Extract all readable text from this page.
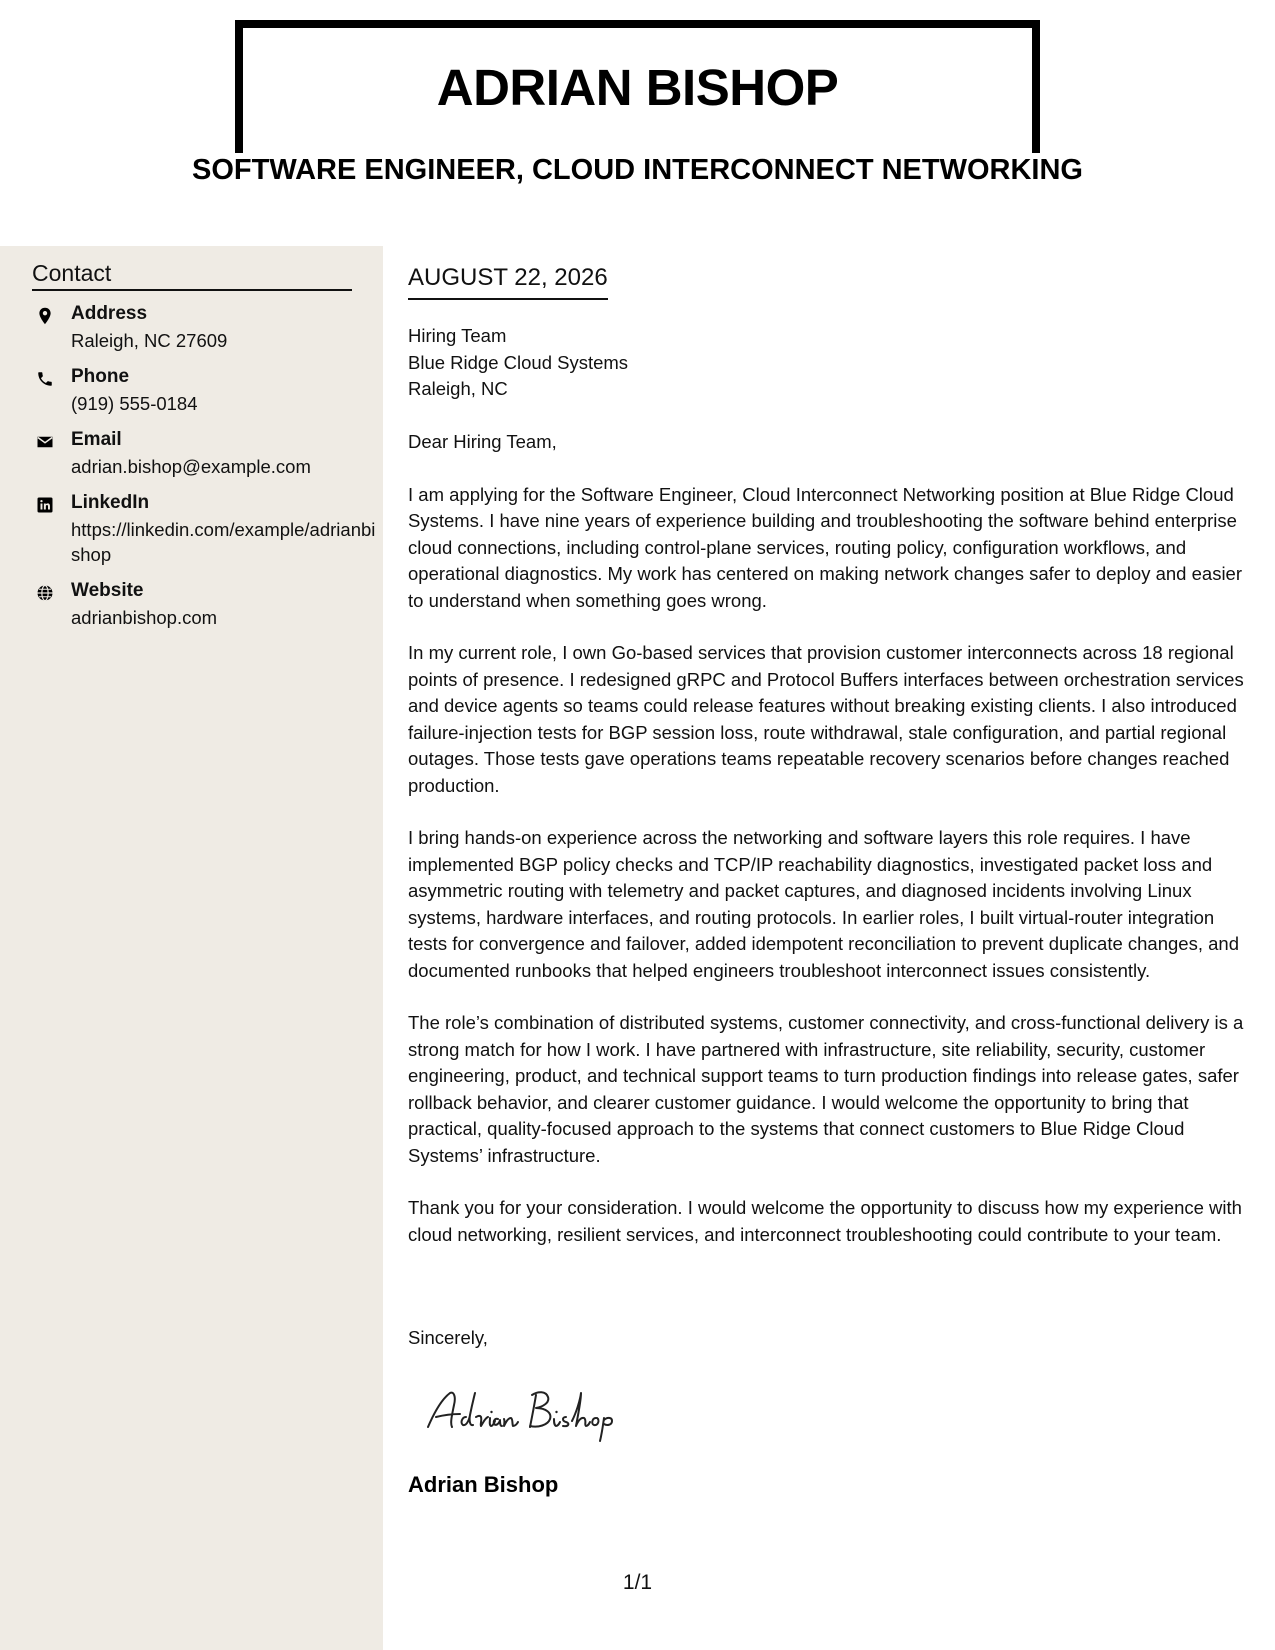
ADRIAN BISHOP
SOFTWARE ENGINEER, CLOUD INTERCONNECT NETWORKING
Contact
Address
Raleigh, NC 27609
Phone
(919) 555-0184
Email
adrian.bishop@example.com
LinkedIn
https://linkedin.com/example/adrianbishop
Website
adrianbishop.com
AUGUST 22, 2026
Hiring Team
Blue Ridge Cloud Systems
Raleigh, NC

Dear Hiring Team,

I am applying for the Software Engineer, Cloud Interconnect Networking position at Blue Ridge Cloud Systems. I have nine years of experience building and troubleshooting the software behind enterprise cloud connections, including control-plane services, routing policy, configuration workflows, and operational diagnostics. My work has centered on making network changes safer to deploy and easier to understand when something goes wrong.

In my current role, I own Go-based services that provision customer interconnects across 18 regional points of presence. I redesigned gRPC and Protocol Buffers interfaces between orchestration services and device agents so teams could release features without breaking existing clients. I also introduced failure-injection tests for BGP session loss, route withdrawal, stale configuration, and partial regional outages. Those tests gave operations teams repeatable recovery scenarios before changes reached production.

I bring hands-on experience across the networking and software layers this role requires. I have implemented BGP policy checks and TCP/IP reachability diagnostics, investigated packet loss and asymmetric routing with telemetry and packet captures, and diagnosed incidents involving Linux systems, hardware interfaces, and routing protocols. In earlier roles, I built virtual-router integration tests for convergence and failover, added idempotent reconciliation to prevent duplicate changes, and documented runbooks that helped engineers troubleshoot interconnect issues consistently.

The role’s combination of distributed systems, customer connectivity, and cross-functional delivery is a strong match for how I work. I have partnered with infrastructure, site reliability, security, customer engineering, product, and technical support teams to turn production findings into release gates, safer rollback behavior, and clearer customer guidance. I would welcome the opportunity to bring that practical, quality-focused approach to the systems that connect customers to Blue Ridge Cloud Systems’ infrastructure.

Thank you for your consideration. I would welcome the opportunity to discuss how my experience with cloud networking, resilient services, and interconnect troubleshooting could contribute to your team.

Sincerely,
Adrian Bishop
1/1
